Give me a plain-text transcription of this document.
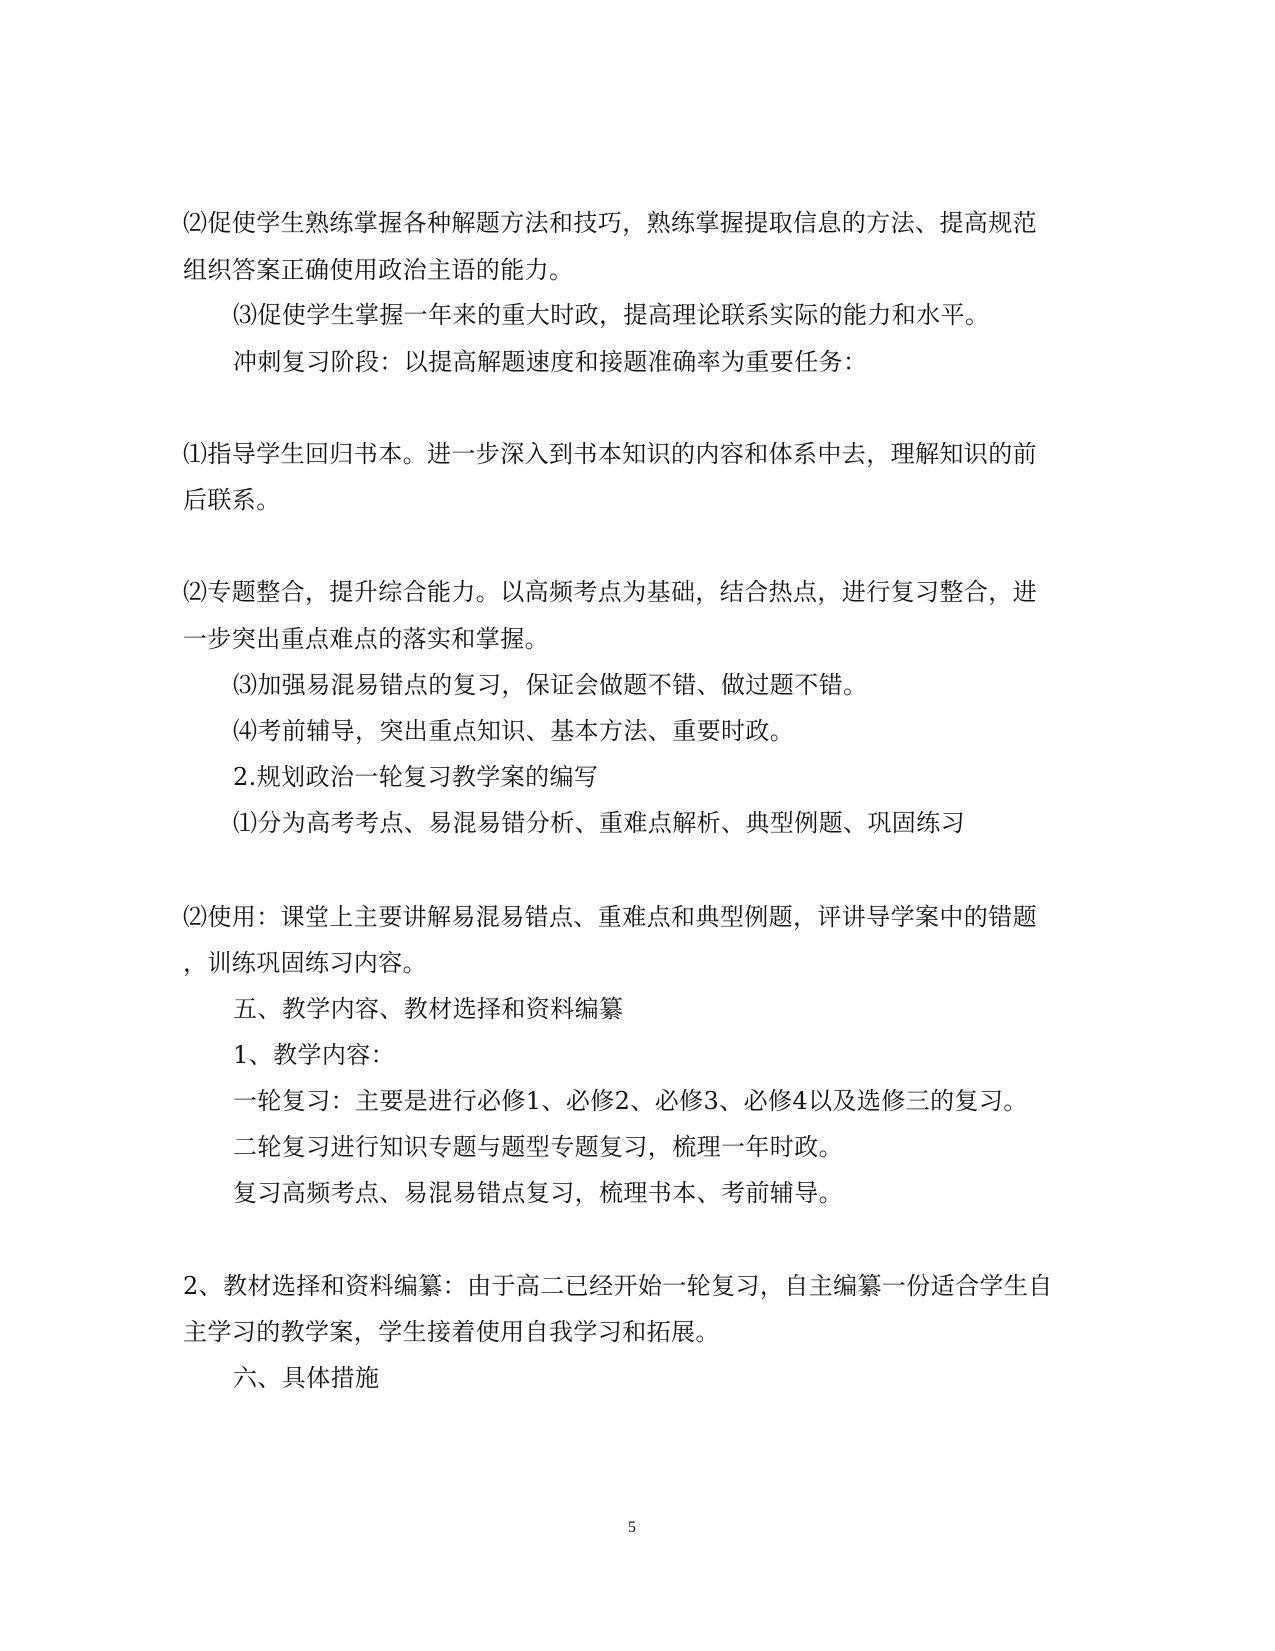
⑵促使学生熟练掌握各种解题方法和技巧，熟练掌握提取信息的方法、提高规范
组织答案正确使用政治主语的能力。
⑶促使学生掌握一年来的重大时政，提高理论联系实际的能力和水平。
冲刺复习阶段：以提高解题速度和接题准确率为重要任务：
⑴指导学生回归书本。进一步深入到书本知识的内容和体系中去，理解知识的前
后联系。
⑵专题整合，提升综合能力。以高频考点为基础，结合热点，进行复习整合，进
一步突出重点难点的落实和掌握。
⑶加强易混易错点的复习，保证会做题不错、做过题不错。
⑷考前辅导，突出重点知识、基本方法、重要时政。
2.规划政治一轮复习教学案的编写
⑴分为高考考点、易混易错分析、重难点解析、典型例题、巩固练习
⑵使用：课堂上主要讲解易混易错点、重难点和典型例题，评讲导学案中的错题
，训练巩固练习内容。
五、教学内容、教材选择和资料编纂
1、教学内容：
一轮复习：主要是进行必修1、必修2、必修3、必修4以及选修三的复习。
二轮复习进行知识专题与题型专题复习，梳理一年时政。
复习高频考点、易混易错点复习，梳理书本、考前辅导。
2、教材选择和资料编纂：由于高二已经开始一轮复习，自主编纂一份适合学生自
主学习的教学案，学生接着使用自我学习和拓展。
六、具体措施
5
